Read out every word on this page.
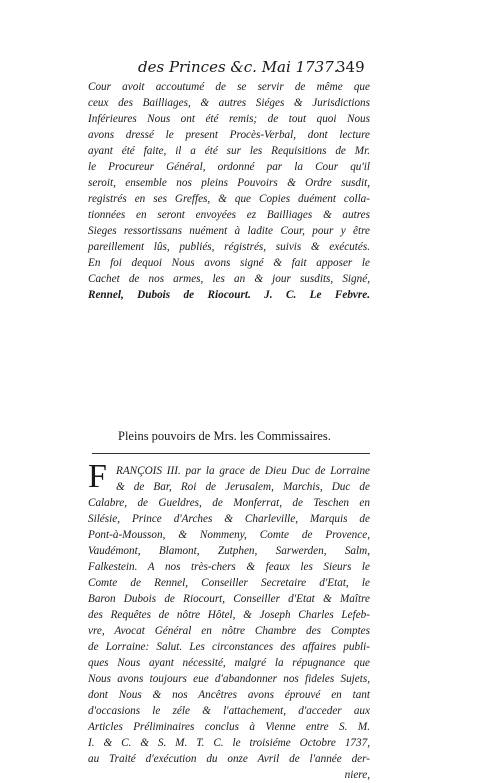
des Princes &c. Mai 1737.
349
Cour avoit accoutumé de se servir de même que
ceux des Bailliages, & autres Siéges & Jurisdictions
Inférieures Nous ont été remis; de tout quoi Nous
avons dressé le present Procès-Verbal, dont lecture
ayant été faite, il a été sur les Requisitions de Mr.
le Procureur Général, ordonné par la Cour qu'il
seroit, ensemble nos pleins Pouvoirs & Ordre susdit,
registrés en ses Greffes, & que Copies duément colla-
tionnées en seront envoyées ez Bailliages & autres
Sieges ressortissans nuément à ladite Cour, pour y être
pareillement lûs, publiés, régistrés, suivis & exécutés.
En foi dequoi Nous avons signé & fait apposer le
Cachet de nos armes, les an & jour susdits, Signé,
Rennel, Dubois de Riocourt. J. C. Le Febvre.
Pleins pouvoirs de Mrs. les Commissaires.
F RANÇOIS III. par la grace de Dieu Duc de Lorraine
& de Bar, Roi de Jerusalem, Marchis, Duc de
Calabre, de Gueldres, de Monferrat, de Teschen en
Silésie, Prince d'Arches & Charleville, Marquis de
Pont-à-Mousson, & Nommeny, Comte de Provence,
Vaudémont, Blamont, Zutphen, Sarwerden, Salm,
Falkestein. A nos très-chers & feaux les Sieurs le
Comte de Rennel, Conseiller Secretaire d'Etat, le
Baron Dubois de Riocourt, Conseiller d'Etat & Maître
des Requêtes de nôtre Hôtel, & Joseph Charles Lefeb-
vre, Avocat Général en nôtre Chambre des Comptes
de Lorraine: Salut. Les circonstances des affaires publi-
ques Nous ayant nécessité, malgré la répugnance que
Nous avons toujours eue d'abandonner nos fideles Sujets,
dont Nous & nos Ancêtres avons éprouvé en tant
d'occasions le zéle & l'attachement, d'acceder aux
Articles Préliminaires conclus à Vienne entre S. M.
I. & C. & S. M. T. C. le troisiéme Octobre 1737,
au Traité d'exécution du onze Avril de l'année der-
niere,
